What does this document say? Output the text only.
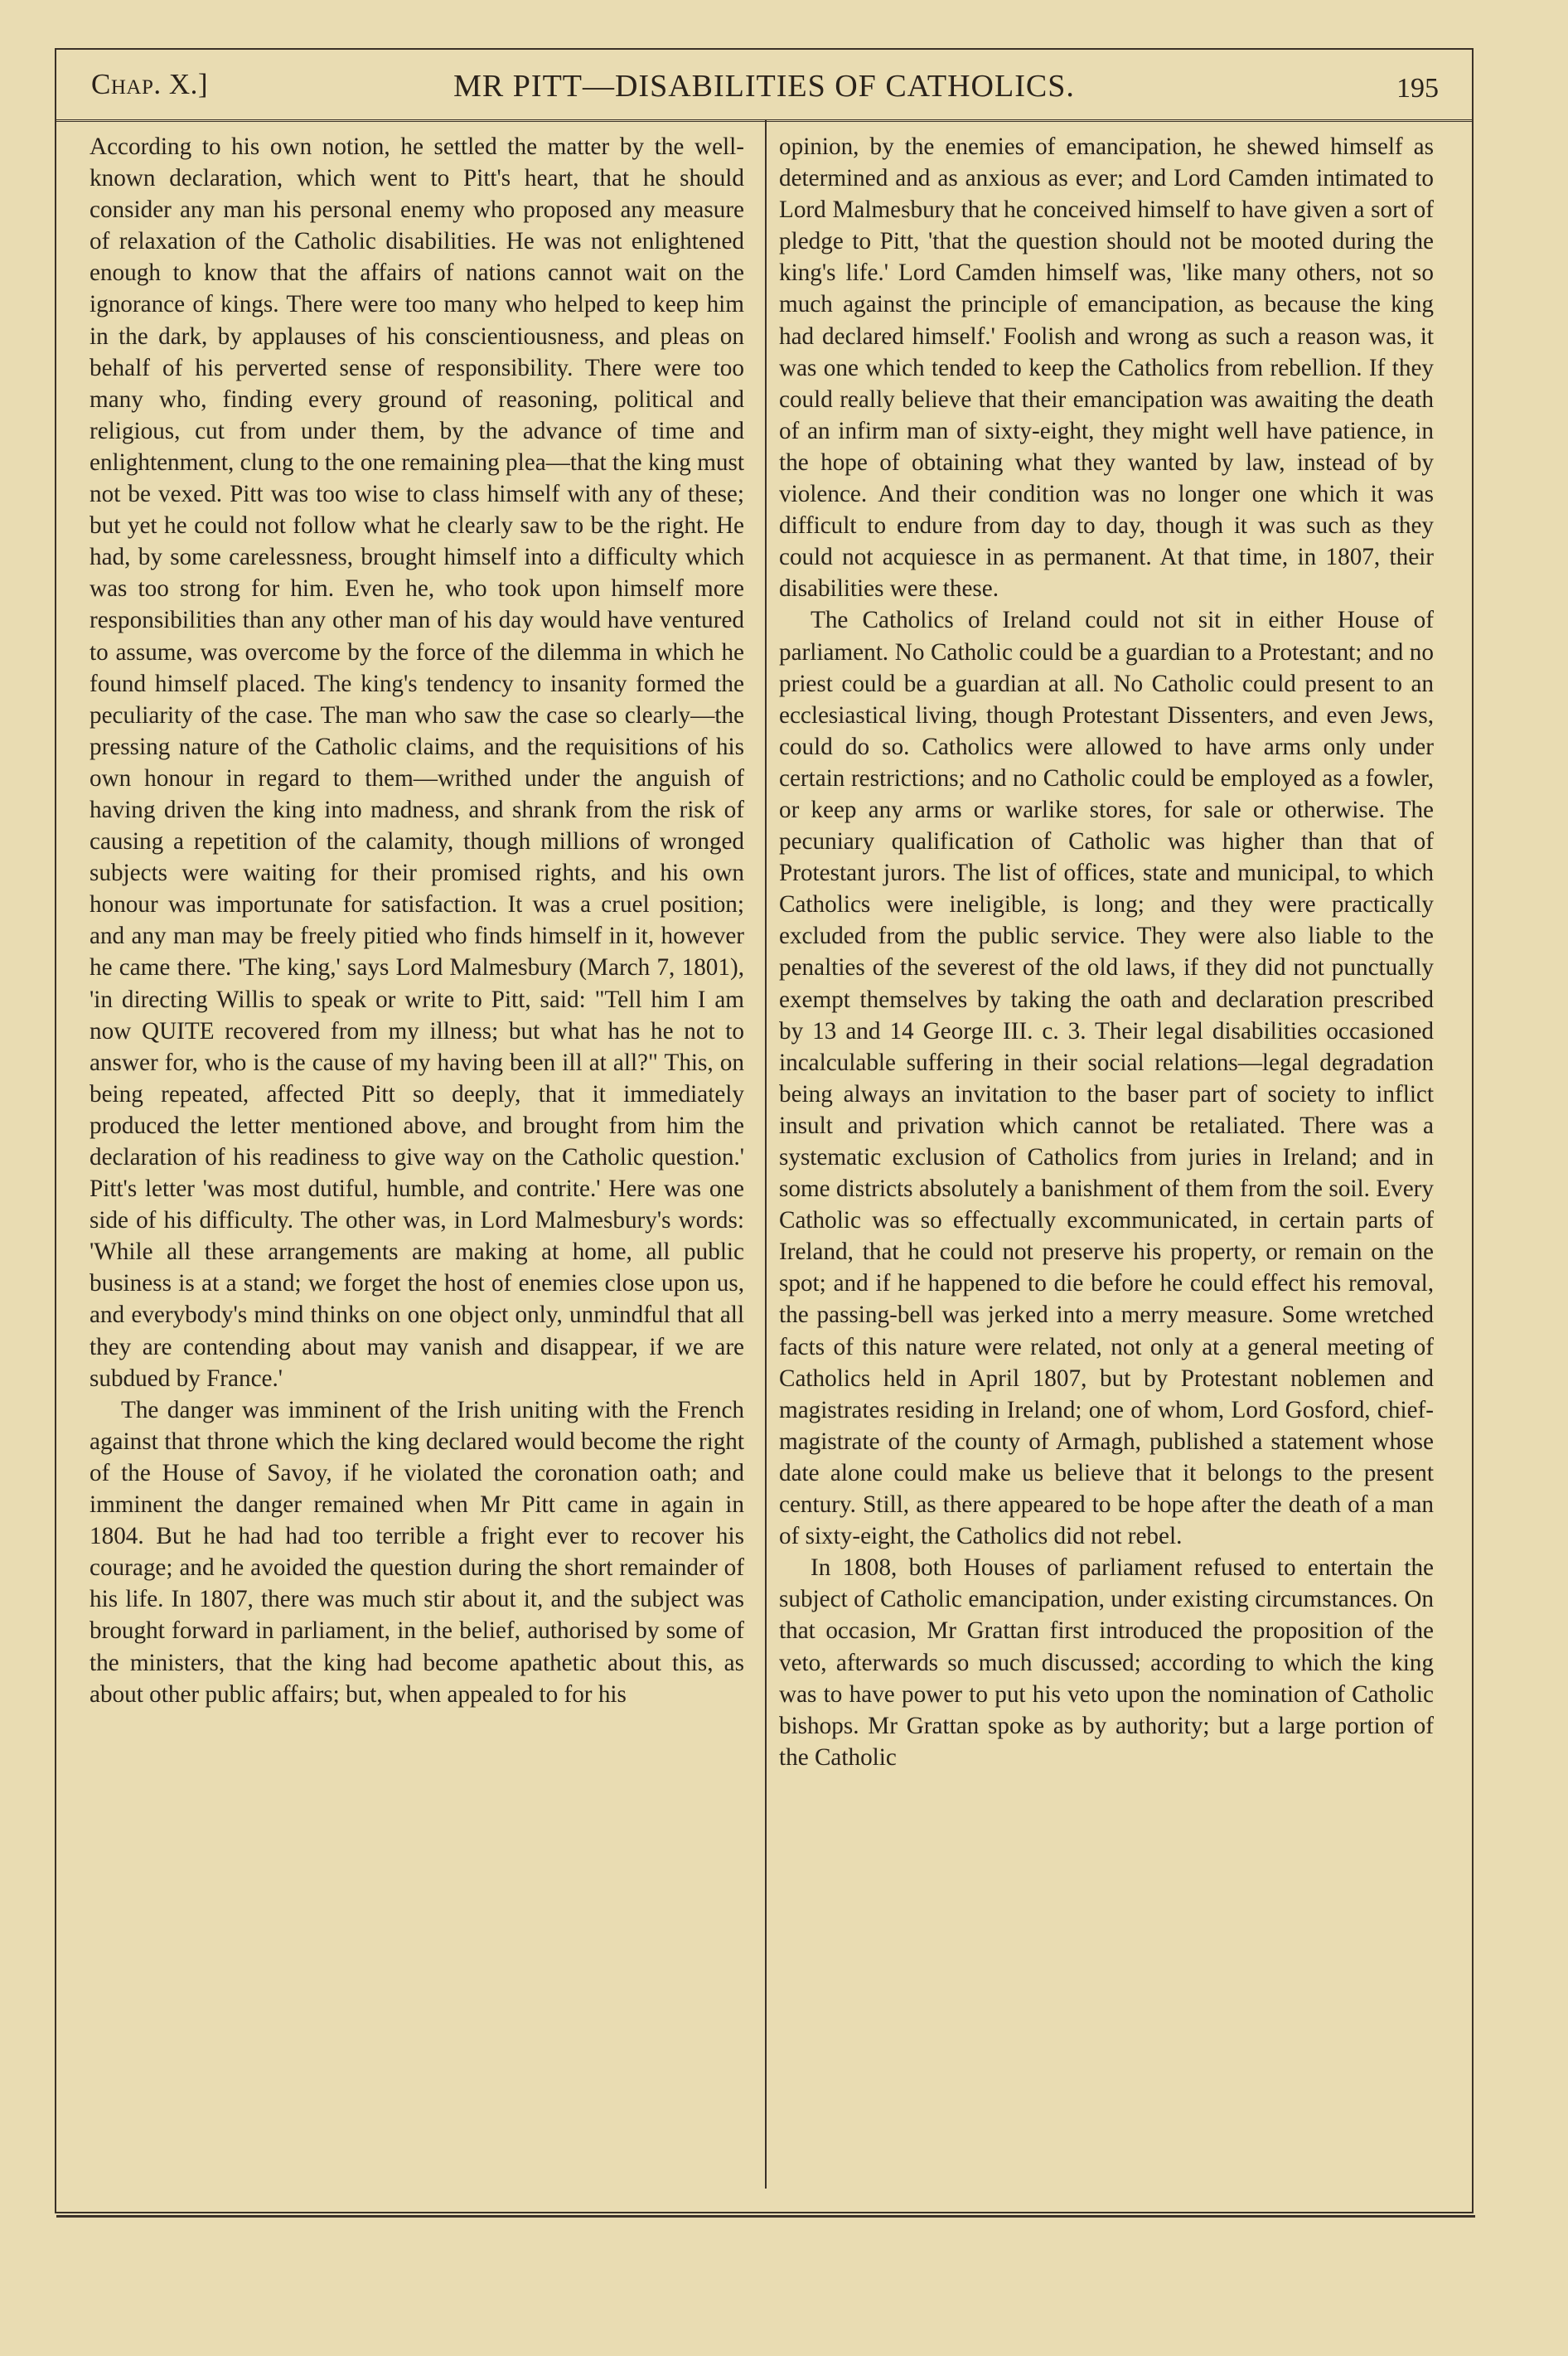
Chap. X.]	MR PITT—DISABILITIES OF CATHOLICS.	195

According to his own notion, he settled the matter by the well-known declaration, which went to Pitt's heart, that he should consider any man his personal enemy who proposed any measure of relaxation of the Catholic disabilities. He was not enlightened enough to know that the affairs of nations cannot wait on the ignorance of kings. There were too many who helped to keep him in the dark, by applauses of his conscientiousness, and pleas on behalf of his perverted sense of responsibility. There were too many who, finding every ground of reasoning, political and religious, cut from under them, by the advance of time and enlightenment, clung to the one remaining plea—that the king must not be vexed. Pitt was too wise to class himself with any of these; but yet he could not follow what he clearly saw to be the right. He had, by some carelessness, brought himself into a difficulty which was too strong for him. Even he, who took upon himself more responsibilities than any other man of his day would have ventured to assume, was overcome by the force of the dilemma in which he found himself placed. The king's tendency to insanity formed the peculiarity of the case. The man who saw the case so clearly—the pressing nature of the Catholic claims, and the requisitions of his own honour in regard to them—writhed under the anguish of having driven the king into madness, and shrank from the risk of causing a repetition of the calamity, though millions of wronged subjects were waiting for their promised rights, and his own honour was importunate for satisfaction. It was a cruel position; and any man may be freely pitied who finds himself in it, however he came there. 'The king,' says Lord Malmesbury (March 7, 1801), 'in directing Willis to speak or write to Pitt, said: "Tell him I am now QUITE recovered from my illness; but what has he not to answer for, who is the cause of my having been ill at all?" This, on being repeated, affected Pitt so deeply, that it immediately produced the letter mentioned above, and brought from him the declaration of his readiness to give way on the Catholic question.' Pitt's letter 'was most dutiful, humble, and contrite.' Here was one side of his difficulty. The other was, in Lord Malmesbury's words: 'While all these arrangements are making at home, all public business is at a stand; we forget the host of enemies close upon us, and everybody's mind thinks on one object only, unmindful that all they are contending about may vanish and disappear, if we are subdued by France.'

The danger was imminent of the Irish uniting with the French against that throne which the king declared would become the right of the House of Savoy, if he violated the coronation oath; and imminent the danger remained when Mr Pitt came in again in 1804. But he had had too terrible a fright ever to recover his courage; and he avoided the question during the short remainder of his life. In 1807, there was much stir about it, and the subject was brought forward in parliament, in the belief, authorised by some of the ministers, that the king had become apathetic about this, as about other public affairs; but, when appealed to for his

opinion, by the enemies of emancipation, he shewed himself as determined and as anxious as ever; and Lord Camden intimated to Lord Malmesbury that he conceived himself to have given a sort of pledge to Pitt, 'that the question should not be mooted during the king's life.' Lord Camden himself was, 'like many others, not so much against the principle of emancipation, as because the king had declared himself.' Foolish and wrong as such a reason was, it was one which tended to keep the Catholics from rebellion. If they could really believe that their emancipation was awaiting the death of an infirm man of sixty-eight, they might well have patience, in the hope of obtaining what they wanted by law, instead of by violence. And their condition was no longer one which it was difficult to endure from day to day, though it was such as they could not acquiesce in as permanent. At that time, in 1807, their disabilities were these.

The Catholics of Ireland could not sit in either House of parliament. No Catholic could be a guardian to a Protestant; and no priest could be a guardian at all. No Catholic could present to an ecclesiastical living, though Protestant Dissenters, and even Jews, could do so. Catholics were allowed to have arms only under certain restrictions; and no Catholic could be employed as a fowler, or keep any arms or warlike stores, for sale or otherwise. The pecuniary qualification of Catholic was higher than that of Protestant jurors. The list of offices, state and municipal, to which Catholics were ineligible, is long; and they were practically excluded from the public service. They were also liable to the penalties of the severest of the old laws, if they did not punctually exempt themselves by taking the oath and declaration prescribed by 13 and 14 George III. c. 3. Their legal disabilities occasioned incalculable suffering in their social relations—legal degradation being always an invitation to the baser part of society to inflict insult and privation which cannot be retaliated. There was a systematic exclusion of Catholics from juries in Ireland; and in some districts absolutely a banishment of them from the soil. Every Catholic was so effectually excommunicated, in certain parts of Ireland, that he could not preserve his property, or remain on the spot; and if he happened to die before he could effect his removal, the passing-bell was jerked into a merry measure. Some wretched facts of this nature were related, not only at a general meeting of Catholics held in April 1807, but by Protestant noblemen and magistrates residing in Ireland; one of whom, Lord Gosford, chief-magistrate of the county of Armagh, published a statement whose date alone could make us believe that it belongs to the present century. Still, as there appeared to be hope after the death of a man of sixty-eight, the Catholics did not rebel.

In 1808, both Houses of parliament refused to entertain the subject of Catholic emancipation, under existing circumstances. On that occasion, Mr Grattan first introduced the proposition of the veto, afterwards so much discussed; according to which the king was to have power to put his veto upon the nomination of Catholic bishops. Mr Grattan spoke as by authority; but a large portion of the Catholic
